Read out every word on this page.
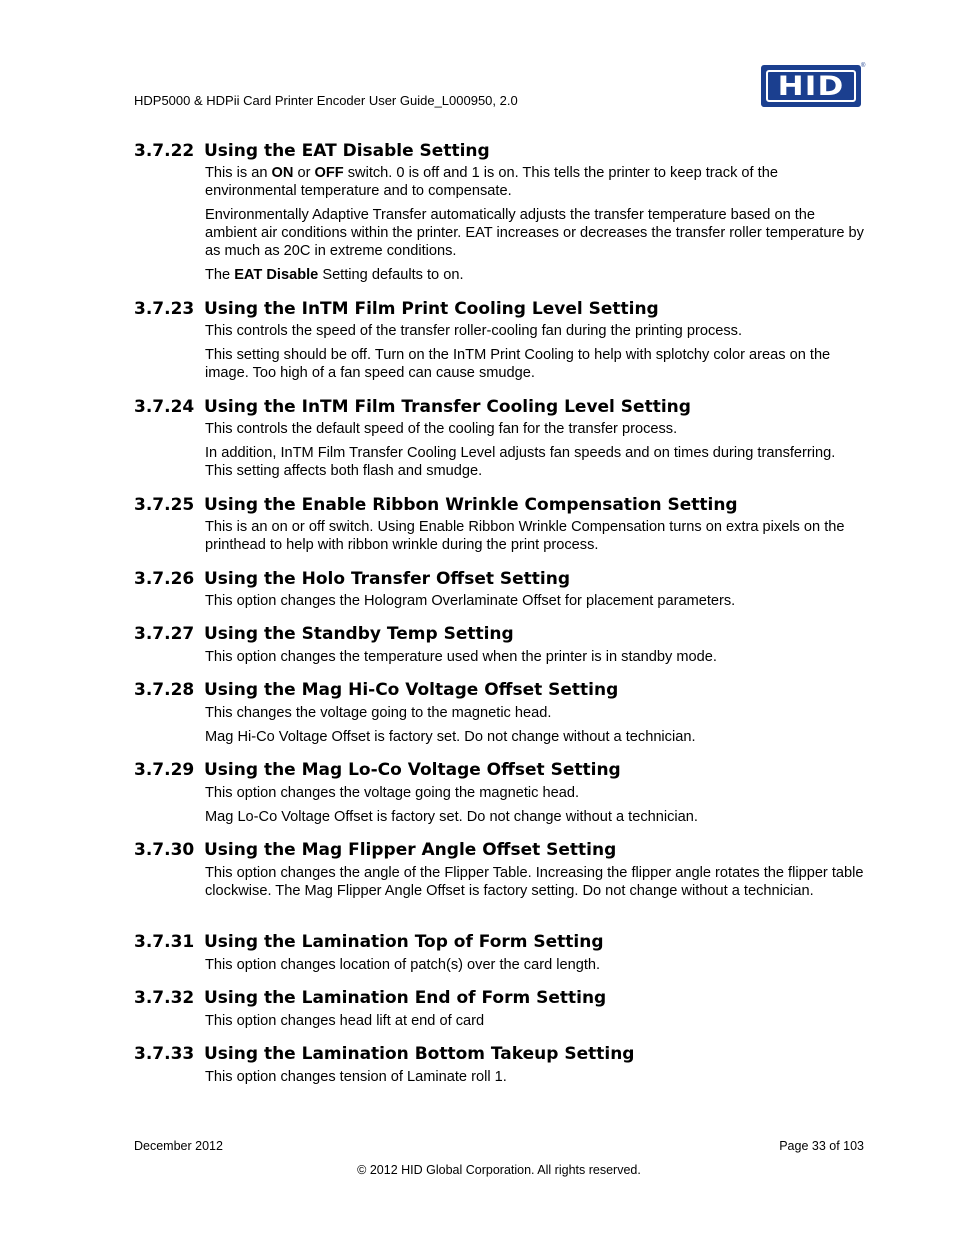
HDP5000 & HDPii Card Printer Encoder User Guide_L000950, 2.0	HID
®
3.7.22 Using the EAT Disable Setting
This is an ON or OFF switch. 0 is off and 1 is on. This tells the printer to keep track of the environmental temperature and to compensate.
Environmentally Adaptive Transfer automatically adjusts the transfer temperature based on the ambient air conditions within the printer. EAT increases or decreases the transfer roller temperature by as much as 20C in extreme conditions.
The EAT Disable Setting defaults to on.
3.7.23 Using the InTM Film Print Cooling Level Setting
This controls the speed of the transfer roller-cooling fan during the printing process.
This setting should be off. Turn on the InTM Print Cooling to help with splotchy color areas on the image. Too high of a fan speed can cause smudge.
3.7.24 Using the InTM Film Transfer Cooling Level Setting
This controls the default speed of the cooling fan for the transfer process.
In addition, InTM Film Transfer Cooling Level adjusts fan speeds and on times during transferring. This setting affects both flash and smudge.
3.7.25 Using the Enable Ribbon Wrinkle Compensation Setting
This is an on or off switch. Using Enable Ribbon Wrinkle Compensation turns on extra pixels on the printhead to help with ribbon wrinkle during the print process.
3.7.26 Using the Holo Transfer Offset Setting
This option changes the Hologram Overlaminate Offset for placement parameters.
3.7.27 Using the Standby Temp Setting
This option changes the temperature used when the printer is in standby mode.
3.7.28 Using the Mag Hi-Co Voltage Offset Setting
This changes the voltage going to the magnetic head.
Mag Hi-Co Voltage Offset is factory set. Do not change without a technician.
3.7.29 Using the Mag Lo-Co Voltage Offset Setting
This option changes the voltage going the magnetic head.
Mag Lo-Co Voltage Offset is factory set. Do not change without a technician.
3.7.30 Using the Mag Flipper Angle Offset Setting
This option changes the angle of the Flipper Table. Increasing the flipper angle rotates the flipper table clockwise. The Mag Flipper Angle Offset is factory setting. Do not change without a technician.
3.7.31 Using the Lamination Top of Form Setting
This option changes location of patch(s) over the card length.
3.7.32 Using the Lamination End of Form Setting
This option changes head lift at end of card
3.7.33 Using the Lamination Bottom Takeup Setting
This option changes tension of Laminate roll 1.
December 2012	Page 33 of 103
© 2012 HID Global Corporation. All rights reserved.
